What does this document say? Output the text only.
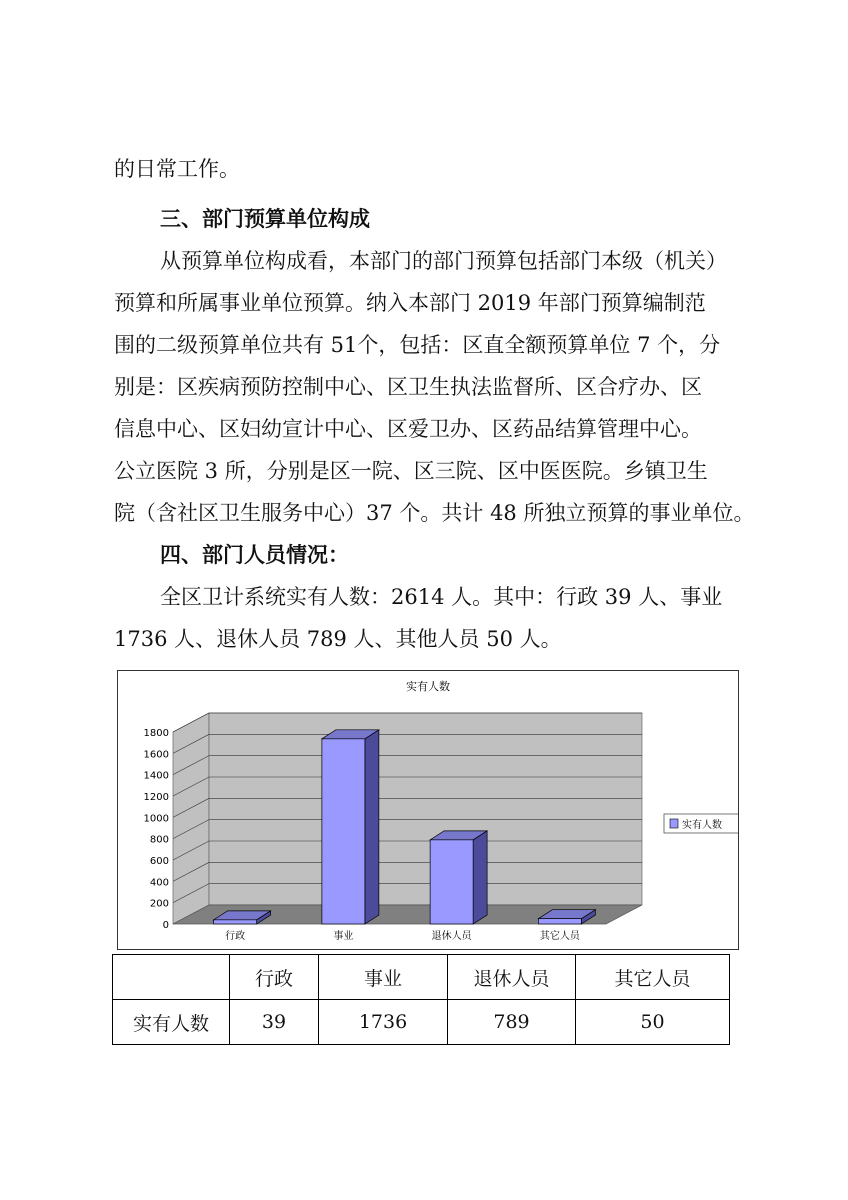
的日常工作。
三、部门预算单位构成
从预算单位构成看，本部门的部门预算包括部门本级（机关）
预算和所属事业单位预算。纳入本部门 2019 年部门预算编制范
围的二级预算单位共有 51个，包括：区直全额预算单位 7 个，分
别是：区疾病预防控制中心、区卫生执法监督所、区合疗办、区
信息中心、区妇幼宣计中心、区爱卫办、区药品结算管理中心。
公立医院 3 所，分别是区一院、区三院、区中医医院。乡镇卫生
院（含社区卫生服务中心）37 个。共计 48 所独立预算的事业单位。
四、部门人员情况：
全区卫计系统实有人数：2614 人。其中：行政 39 人、事业
1736 人、退休人员 789 人、其他人员 50 人。
实有人数
0
200
400
600
800
1000
1200
1400
1600
1800
行政	事业	退休人员	其它人员
实有人数
	行政	事业	退休人员	其它人员
实有人数	39	1736	789	50
